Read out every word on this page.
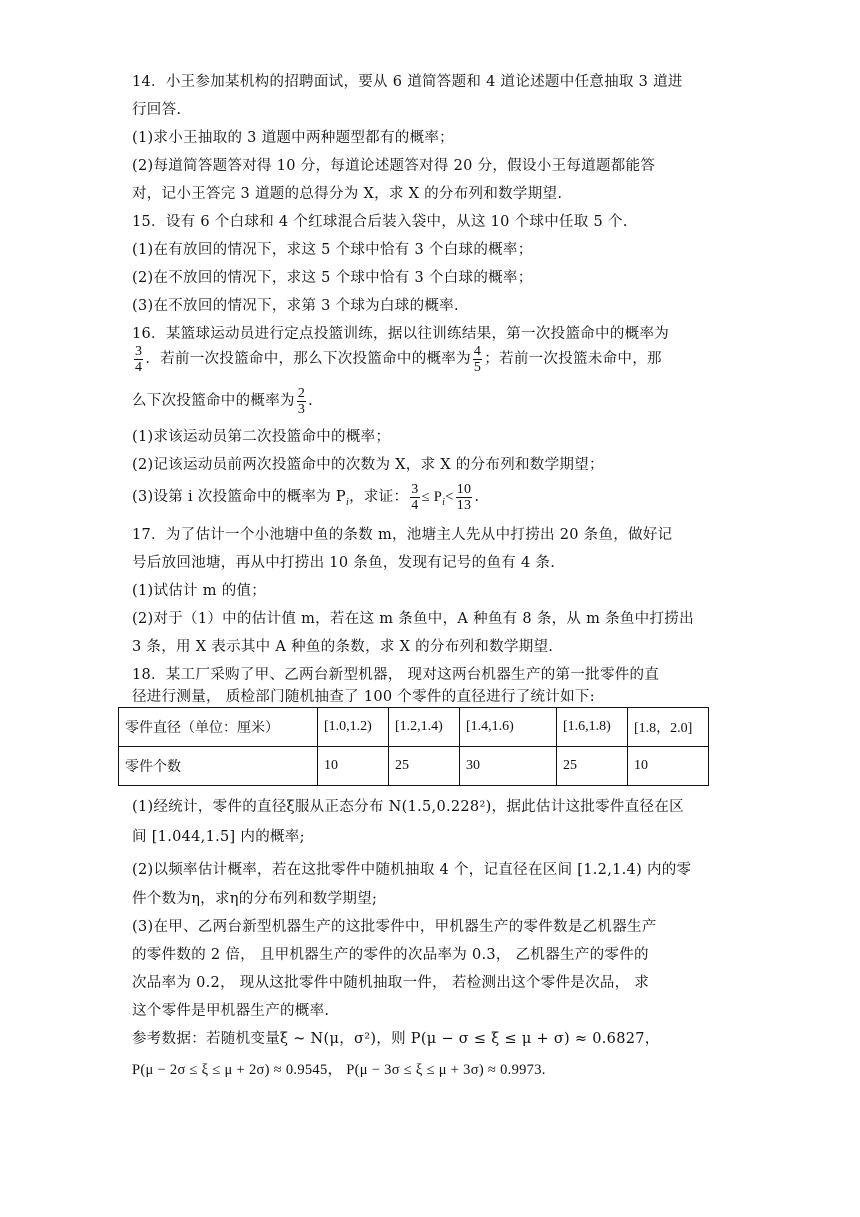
14．小王参加某机构的招聘面试，要从 6 道简答题和 4 道论述题中任意抽取 3 道进
行回答.
(1)求小王抽取的 3 道题中两种题型都有的概率；
(2)每道简答题答对得 10 分，每道论述题答对得 20 分，假设小王每道题都能答
对，记小王答完 3 道题的总得分为 X，求 X 的分布列和数学期望.
15．设有 6 个白球和 4 个红球混合后装入袋中，从这 10 个球中任取 5 个.
(1)在有放回的情况下，求这 5 个球中恰有 3 个白球的概率；
(2)在不放回的情况下，求这 5 个球中恰有 3 个白球的概率；
(3)在不放回的情况下，求第 3 个球为白球的概率.
16．某篮球运动员进行定点投篮训练，据以往训练结果，第一次投篮命中的概率为
$\frac{3}{4}$ ．若前一次投篮命中，那么下次投篮命中的概率为 $\frac{4}{5}$ ；若前一次投篮未命中，那
么下次投篮命中的概率为 $\frac{2}{3}$ .
(1)求该运动员第二次投篮命中的概率；
(2)记该运动员前两次投篮命中的次数为 X，求 X 的分布列和数学期望；
(3)设第 i 次投篮命中的概率为 $P_i$，求证： $\frac{3}{4} \le P_i< \frac{10}{13}$ .
17．为了估计一个小池塘中鱼的条数 m，池塘主人先从中打捞出 20 条鱼，做好记
号后放回池塘，再从中打捞出 10 条鱼，发现有记号的鱼有 4 条.
(1)试估计 m 的值；
(2)对于（1）中的估计值 m，若在这 m 条鱼中，A 种鱼有 8 条，从 m 条鱼中打捞出
3 条，用 X 表示其中 A 种鱼的条数，求 X 的分布列和数学期望.
18．某工厂采购了甲、乙两台新型机器， 现对这两台机器生产的第一批零件的直
径进行测量， 质检部门随机抽查了 100 个零件的直径进行了统计如下:
零件直径（单位：厘米）	[1.0,1.2)	[1.2,1.4)	[1.4,1.6)	[1.6,1.8)	[1.8，2.0]
零件个数	10	25	30	25	10
(1)经统计，零件的直径ξ服从正态分布 N(1.5,0.228²)，据此估计这批零件直径在区
间 [1.044,1.5] 内的概率;
(2)以频率估计概率，若在这批零件中随机抽取 4 个，记直径在区间 [1.2,1.4) 内的零
件个数为η，求η的分布列和数学期望;
(3)在甲、乙两台新型机器生产的这批零件中，甲机器生产的零件数是乙机器生产
的零件数的 2 倍， 且甲机器生产的零件的次品率为 0.3， 乙机器生产的零件的
次品率为 0.2， 现从这批零件中随机抽取一件， 若检测出这个零件是次品， 求
这个零件是甲机器生产的概率.
参考数据：若随机变量ξ ~ N(μ，σ²)，则 P(μ − σ ≤ ξ ≤ μ + σ) ≈ 0.6827，
P(μ − 2σ ≤ ξ ≤ μ + 2σ) ≈ 0.9545， P(μ − 3σ ≤ ξ ≤ μ + 3σ) ≈ 0.9973.
